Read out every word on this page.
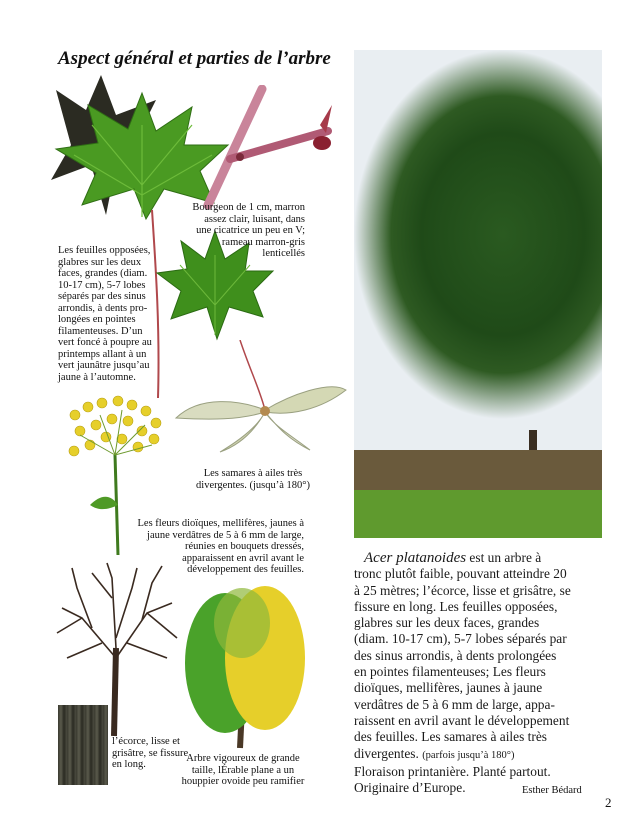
Aspect général et parties de l’arbre
Bourgeon de 1 cm, marron
assez clair, luisant, dans
une cicatrice un peu en V;
rameau marron-gris
lenticellés
Les feuilles opposées,
glabres sur les deux
faces, grandes (diam.
10-17 cm), 5-7 lobes
séparés par des sinus
arrondis, à dents pro-
longées en pointes
filamenteuses. D’un
vert foncé à poupre au
printemps allant à un
vert jaunâtre jusqu’au
jaune à l’automne.
Les samares à ailes très
divergentes. (jusqu’à 180°)
Les fleurs dioïques, mellifères, jaunes à
jaune verdâtres de 5 à 6 mm de large,
réunies en bouquets dressés,
apparaissent en avril avant le
développement des feuilles.
l’écorce, lisse et
grisâtre, se fissure
en long.
Arbre vigoureux de grande
taille, lÉrable plane a un
houppier ovoide peu ramifier
Acer platanoides est un arbre à
tronc plutôt faible, pouvant atteindre 20
à 25 mètres; l’écorce, lisse et grisâtre, se
fissure en long. Les feuilles opposées,
glabres sur les deux faces, grandes
(diam. 10-17 cm), 5-7 lobes séparés par
des sinus arrondis, à dents prolongées
en pointes filamenteuses; Les fleurs
dioïques, mellifères, jaunes à jaune
verdâtres de 5 à 6 mm de large, appa-
raissent en avril avant le développement
des feuilles. Les samares à ailes très
divergentes. (parfois jusqu’à 180°)
Floraison printanière. Planté partout.
Originaire d’Europe.	Esther Bédard
2
